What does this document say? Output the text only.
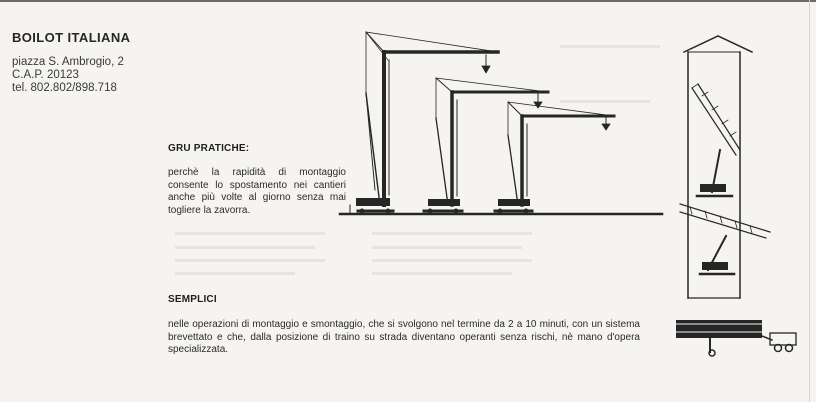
BOILOT ITALIANA
piazza S. Ambrogio, 2
C.A.P. 20123
tel. 802.802/898.718
GRU PRATICHE:
perchè la rapidità di montaggio consente lo spostamento nei cantieri anche più volte al giorno senza mai togliere la zavorra.
SEMPLICI
nelle operazioni di montaggio e smontaggio, che si svolgono nel termine da 2 a 10 minuti, con un sistema brevettato e che, dalla posizione di traino su strada diventano operanti senza rischi, nè mano d'opera specializzata.
